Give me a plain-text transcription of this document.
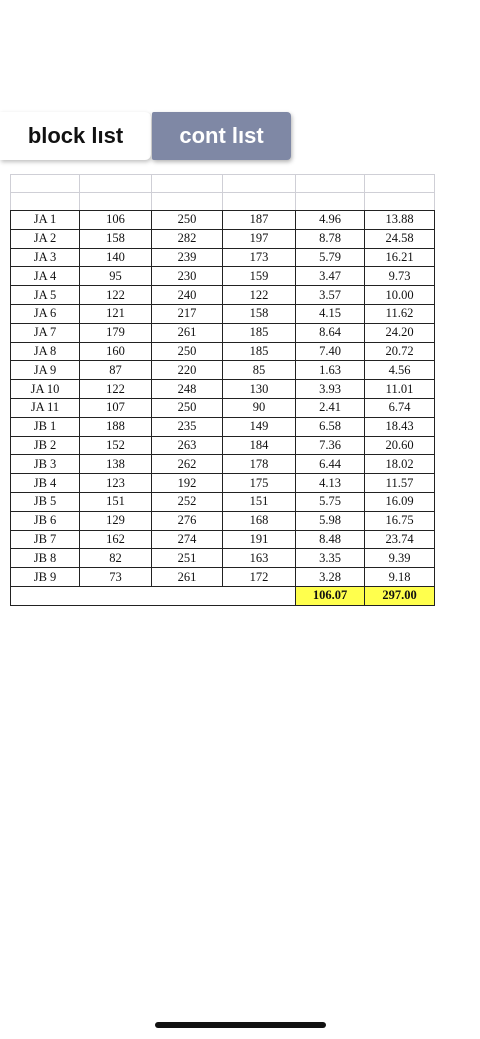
block lıst	cont lıst

JA 1	106	250	187	4.96	13.88
JA 2	158	282	197	8.78	24.58
JA 3	140	239	173	5.79	16.21
JA 4	95	230	159	3.47	9.73
JA 5	122	240	122	3.57	10.00
JA 6	121	217	158	4.15	11.62
JA 7	179	261	185	8.64	24.20
JA 8	160	250	185	7.40	20.72
JA 9	87	220	85	1.63	4.56
JA 10	122	248	130	3.93	11.01
JA 11	107	250	90	2.41	6.74
JB 1	188	235	149	6.58	18.43
JB 2	152	263	184	7.36	20.60
JB 3	138	262	178	6.44	18.02
JB 4	123	192	175	4.13	11.57
JB 5	151	252	151	5.75	16.09
JB 6	129	276	168	5.98	16.75
JB 7	162	274	191	8.48	23.74
JB 8	82	251	163	3.35	9.39
JB 9	73	261	172	3.28	9.18
				106.07	297.00
